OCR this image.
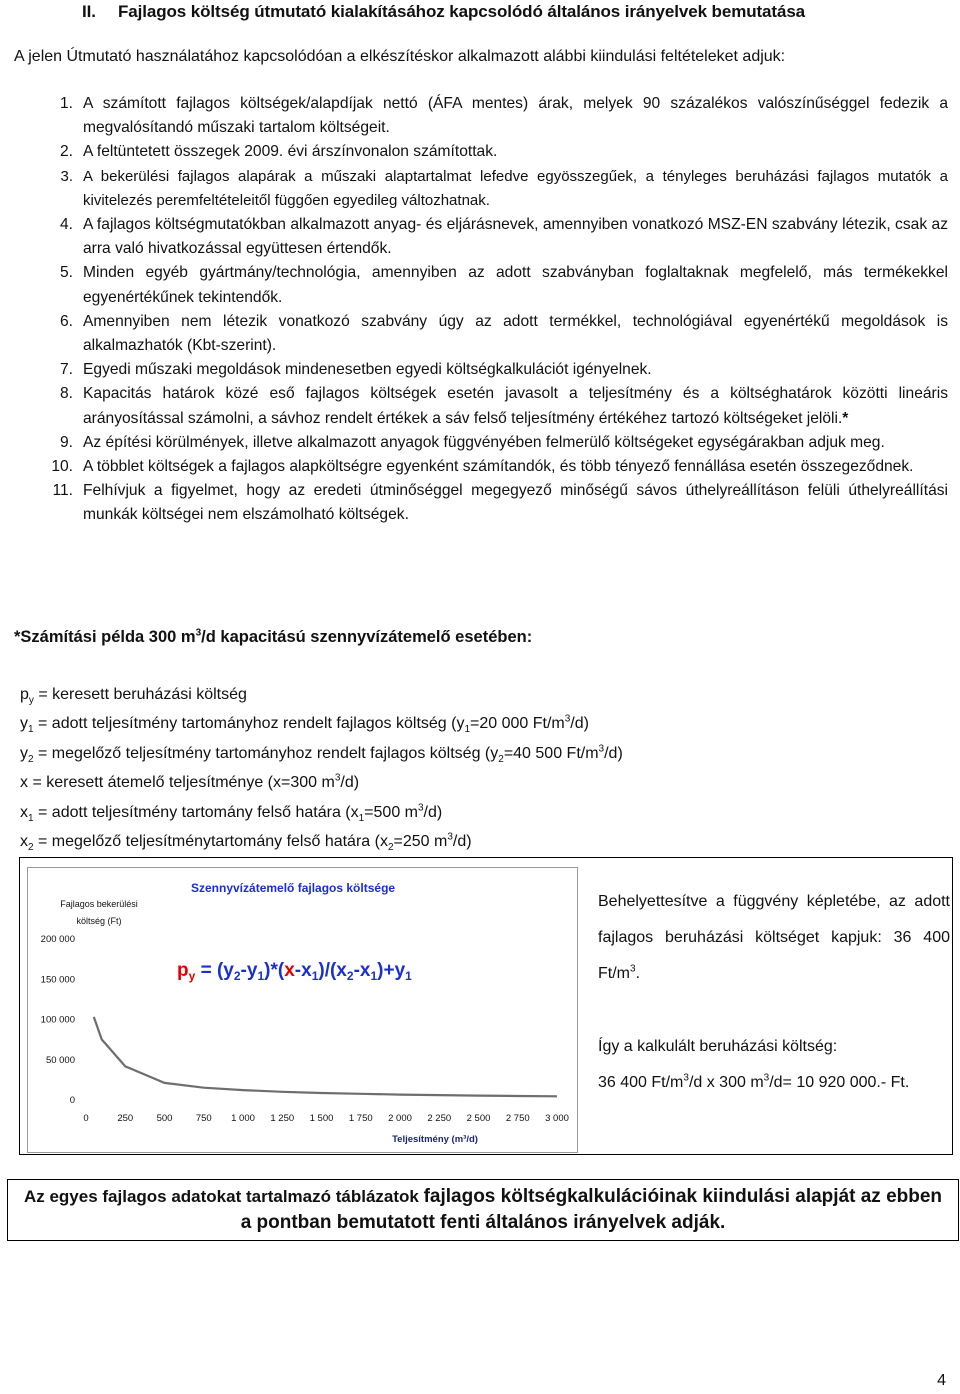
II. Fajlagos költség útmutató kialakításához kapcsolódó általános irányelvek bemutatása
A jelen Útmutató használatához kapcsolódóan a elkészítéskor alkalmazott alábbi kiindulási feltételeket adjuk:
1. A számított fajlagos költségek/alapdíjak nettó (ÁFA mentes) árak, melyek 90 százalékos valószínűséggel fedezik a megvalósítandó műszaki tartalom költségeit.
2. A feltüntetett összegek 2009. évi árszínvonalon számítottak.
3. A bekerülési fajlagos alapárak a műszaki alaptartalmat lefedve egyösszegűek, a tényleges beruházási fajlagos mutatók a kivitelezés peremfeltételeitől függően egyedileg változhatnak.
4. A fajlagos költségmutatókban alkalmazott anyag- és eljárásnevek, amennyiben vonatkozó MSZ-EN szabvány létezik, csak az arra való hivatkozással együttesen értendők.
5. Minden egyéb gyártmány/technológia, amennyiben az adott szabványban foglaltaknak megfelelő, más termékekkel egyenértékűnek tekintendők.
6. Amennyiben nem létezik vonatkozó szabvány úgy az adott termékkel, technológiával egyenértékű megoldások is alkalmazhatók (Kbt-szerint).
7. Egyedi műszaki megoldások mindenesetben egyedi költségkalkulációt igényelnek.
8. Kapacitás határok közé eső fajlagos költségek esetén javasolt a teljesítmény és a költséghatárok közötti lineáris arányosítással számolni, a sávhoz rendelt értékek a sáv felső teljesítmény értékéhez tartozó költségeket jelöli.*
9. Az építési körülmények, illetve alkalmazott anyagok függvényében felmerülő költségeket egységárakban adjuk meg.
10. A többlet költségek a fajlagos alapköltségre egyenként számítandók, és több tényező fennállása esetén összegeződnek.
11. Felhívjuk a figyelmet, hogy az eredeti útminőséggel megegyező minőségű sávos úthelyreállításon felüli úthelyreállítási munkák költségei nem elszámolható költségek.
*Számítási példa 300 $m^3/d$ kapacitású szennyvízátemelő esetében:
$p_y$ = keresett beruházási költség
$y_1$ = adott teljesítmény tartományhoz rendelt fajlagos költség ($y_1=20$ 000 $Ft/m^3/d$)
$y_2$ = megelőző teljesítmény tartományhoz rendelt fajlagos költség ($y_2=40$ 500 $Ft/m^3/d$)
x = keresett átemelő teljesítménye (x=300 $m^3/d$)
$x_1$ = adott teljesítmény tartomány felső határa ($x_1=500$ $m^3/d$)
$x_2$ = megelőző teljesítménytartomány felső határa ($x_2=250$ $m^3/d$)
200 000
150 000
100 000
50 000
0
0	250 500 750 1 000 1 250 1 500 1 750 2 000 2 250 2 500 2 750 3 000
Fajlagos bekerülési költség (Ft)
Teljesítmény (m³/d)
Szennyvízátemelő fajlagos költsége
$p_y = (y_2-y_1)*(x-x_1)/(x_2-x_1)+y_1$
Behelyettesítve a függvény képletébe, az adott fajlagos beruházási költséget kapjuk: 36 400 $Ft/m^3$.
Így a kalkulált beruházási költség:
36 400 $Ft/m^3/d$ x 300 $m^3/d= 10$ 920 000.- Ft.
Az egyes fajlagos adatokat tartalmazó táblázatok fajlagos költségkalkulációinak kiindulási alapját az ebben
a pontban bemutatott fenti általános irányelvek adják.
4
